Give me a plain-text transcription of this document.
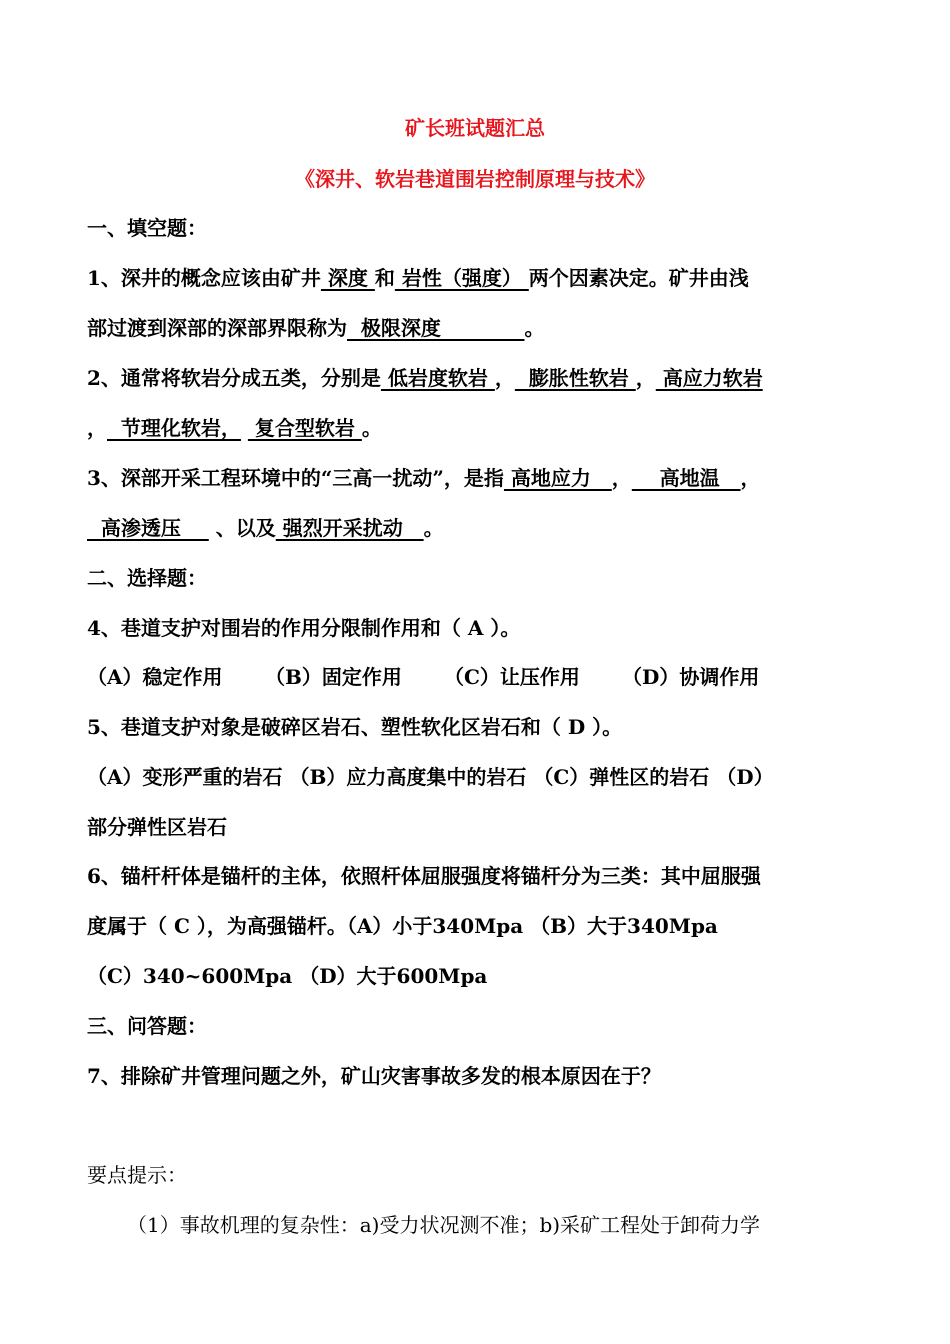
矿长班试题汇总
《深井、软岩巷道围岩控制原理与技术》
一、填空题：
1、深井的概念应该由矿井 深度 和 岩性（强度） 两个因素决定。矿井由浅
部过渡到深部的深部界限称为  极限深度            。
2、通常将软岩分成五类，分别是 低岩度软岩 ，  膨胀性软岩 ， 高应力软岩
，  节理化软岩，  复合型软岩 。
3、深部开采工程环境中的“三高一扰动”，是指 高地应力   ，    高地温   ，
高渗透压     、以及 强烈开采扰动   。
二、选择题：
4、巷道支护对围岩的作用分限制作用和（ A ）。
（A）稳定作用 （B）固定作用 （C）让压作用 （D）协调作用
5、巷道支护对象是破碎区岩石、塑性软化区岩石和（ D ）。
（A）变形严重的岩石 （B）应力高度集中的岩石 （C）弹性区的岩石 （D）
部分弹性区岩石
6、锚杆杆体是锚杆的主体，依照杆体屈服强度将锚杆分为三类：其中屈服强
度属于（ C ），为高强锚杆。（A）小于340Mpa （B）大于340Mpa
（C）340~600Mpa （D）大于600Mpa
三、问答题：
7、排除矿井管理问题之外，矿山灾害事故多发的根本原因在于？
要点提示：
（1）事故机理的复杂性：a)受力状况测不准；b)采矿工程处于卸荷力学
